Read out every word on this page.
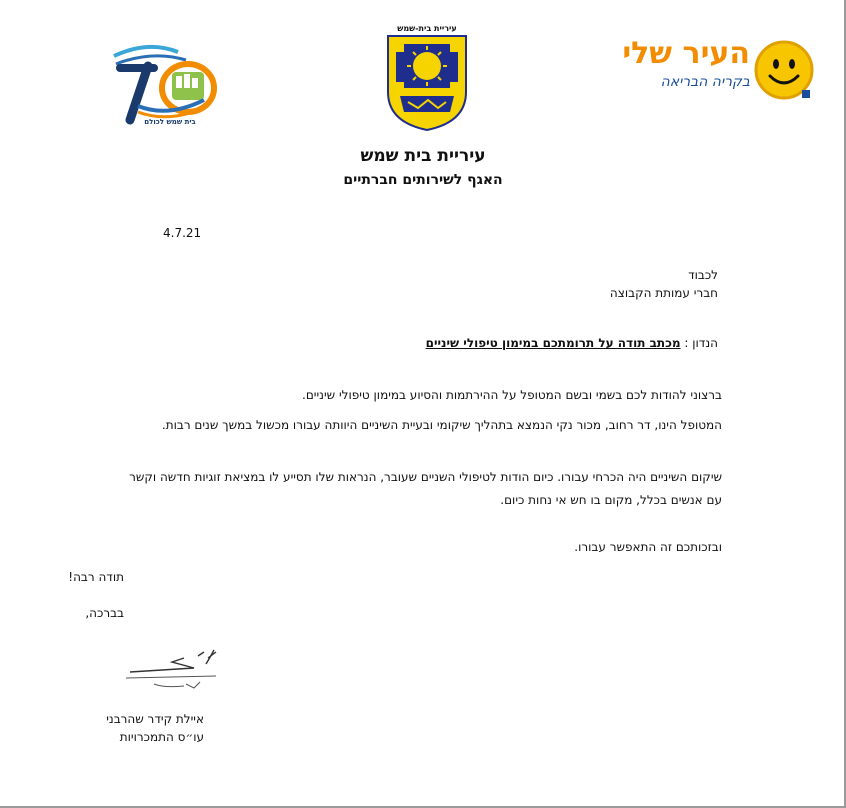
בית שמש לכולם
עיריית בית-שמש
העיר שלי
בקריה הבריאה
עיריית בית שמש
האגף לשירותים חברתיים
4.7.21
לכבוד
חברי עמותת הקבוצה
הנדון : מכתב תודה על תרומתכם במימון טיפולי שיניים
ברצוני להודות לכם בשמי ובשם המטופל על ההירתמות והסיוע במימון טיפולי שיניים.
המטופל הינו, דר רחוב, מכור נקי הנמצא בתהליך שיקומי ובעיית השיניים היוותה עבורו מכשול במשך שנים רבות.
שיקום השיניים היה הכרחי עבורו. כיום הודות לטיפולי השניים שעובר, הנראות שלו תסייע לו במציאת זוגיות חדשה וקשר עם אנשים בכלל, מקום בו חש אי נחות כיום.
ובזכותכם זה התאפשר עבורו.
תודה רבה!
בברכה,
איילת קידר שהרבני
עו״ס התמכרויות
